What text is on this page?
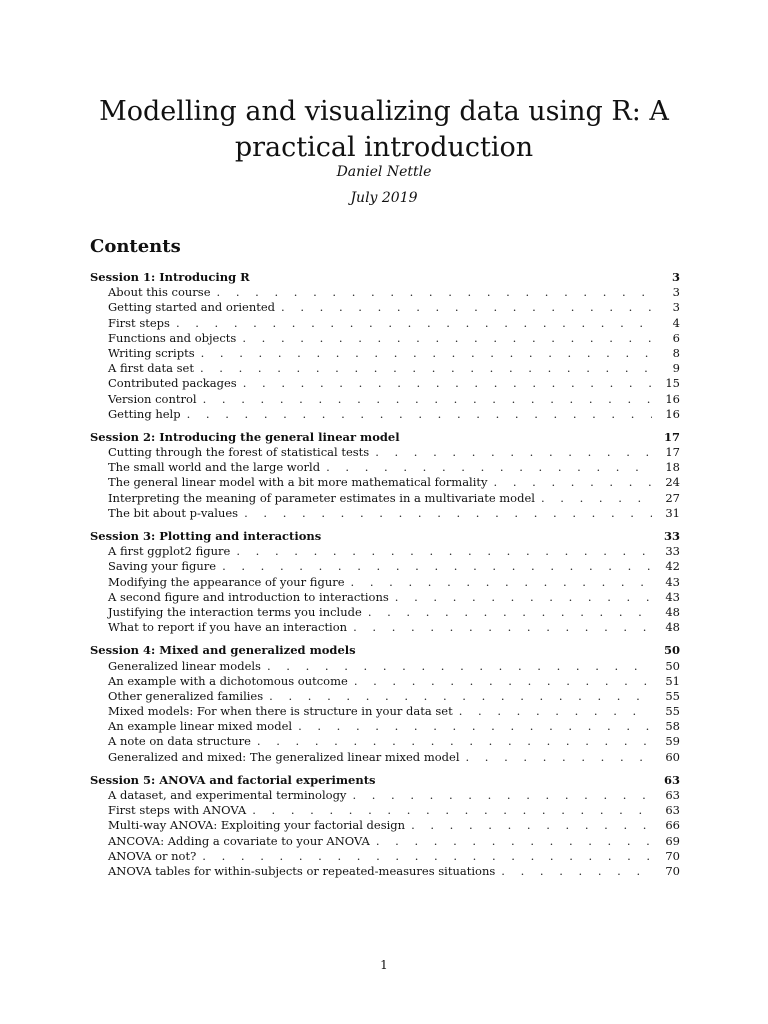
Modelling and visualizing data using R: A practical introduction

Daniel Nettle

July 2019

Contents
Session 1: Introducing R	3
About this course . . .	3
Getting started and oriented . . .	3
First steps . . .	4
Functions and objects . . .	6
Writing scripts . . .	8
A first data set . . .	9
Contributed packages . . .	15
Version control . . .	16
Getting help . . .	16
Session 2: Introducing the general linear model	17
Cutting through the forest of statistical tests . . .	17
The small world and the large world . . .	18
The general linear model with a bit more mathematical formality . . .	24
Interpreting the meaning of parameter estimates in a multivariate model . . .	27
The bit about p-values . . .	31
Session 3: Plotting and interactions	33
A first ggplot2 figure . . .	33
Saving your figure . . .	42
Modifying the appearance of your figure . . .	43
A second figure and introduction to interactions . . .	43
Justifying the interaction terms you include . . .	48
What to report if you have an interaction . . .	48
Session 4: Mixed and generalized models	50
Generalized linear models . . .	50
An example with a dichotomous outcome . . .	51
Other generalized families . . .	55
Mixed models: For when there is structure in your data set . . .	55
An example linear mixed model . . .	58
A note on data structure . . .	59
Generalized and mixed: The generalized linear mixed model . . .	60
Session 5: ANOVA and factorial experiments	63
A dataset, and experimental terminology . . .	63
First steps with ANOVA . . .	63
Multi-way ANOVA: Exploiting your factorial design . . .	66
ANCOVA: Adding a covariate to your ANOVA . . .	69
ANOVA or not? . . .	70
ANOVA tables for within-subjects or repeated-measures situations . . .	70
1
